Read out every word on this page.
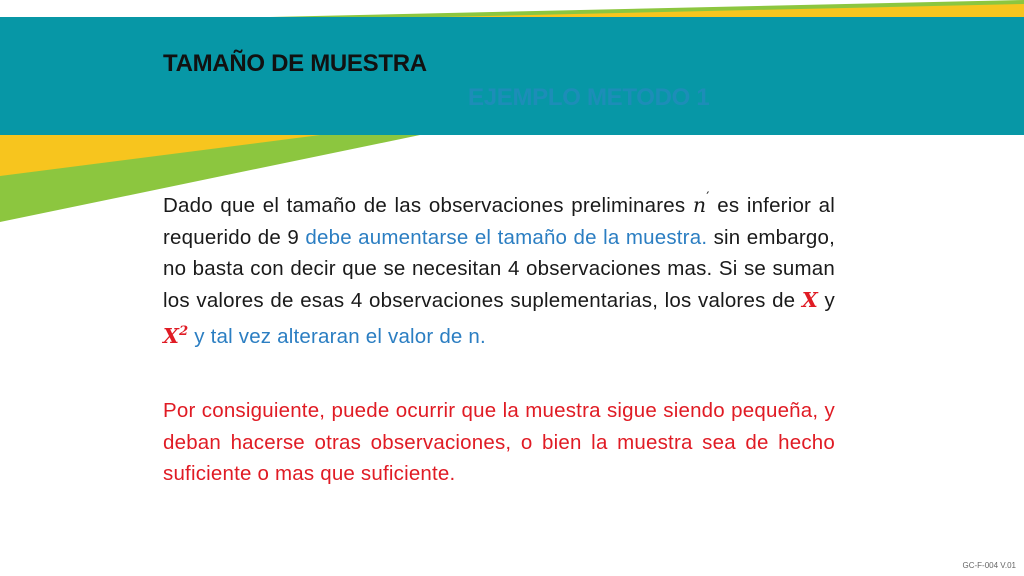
TAMAÑO DE MUESTRA
EJEMPLO METODO 1
Dado que el tamaño de las observaciones preliminares n′ es inferior al requerido de 9 debe aumentarse el tamaño de la muestra. sin embargo, no basta con decir que se necesitan 4 observaciones mas. Si se suman los valores de esas 4 observaciones suplementarias, los valores de X y $X^2$ y tal vez alteraran el valor de n.
Por consiguiente, puede ocurrir que la muestra sigue siendo pequeña, y deban hacerse otras observaciones, o bien la muestra sea de hecho suficiente o mas que suficiente.
GC-F-004 V.01
